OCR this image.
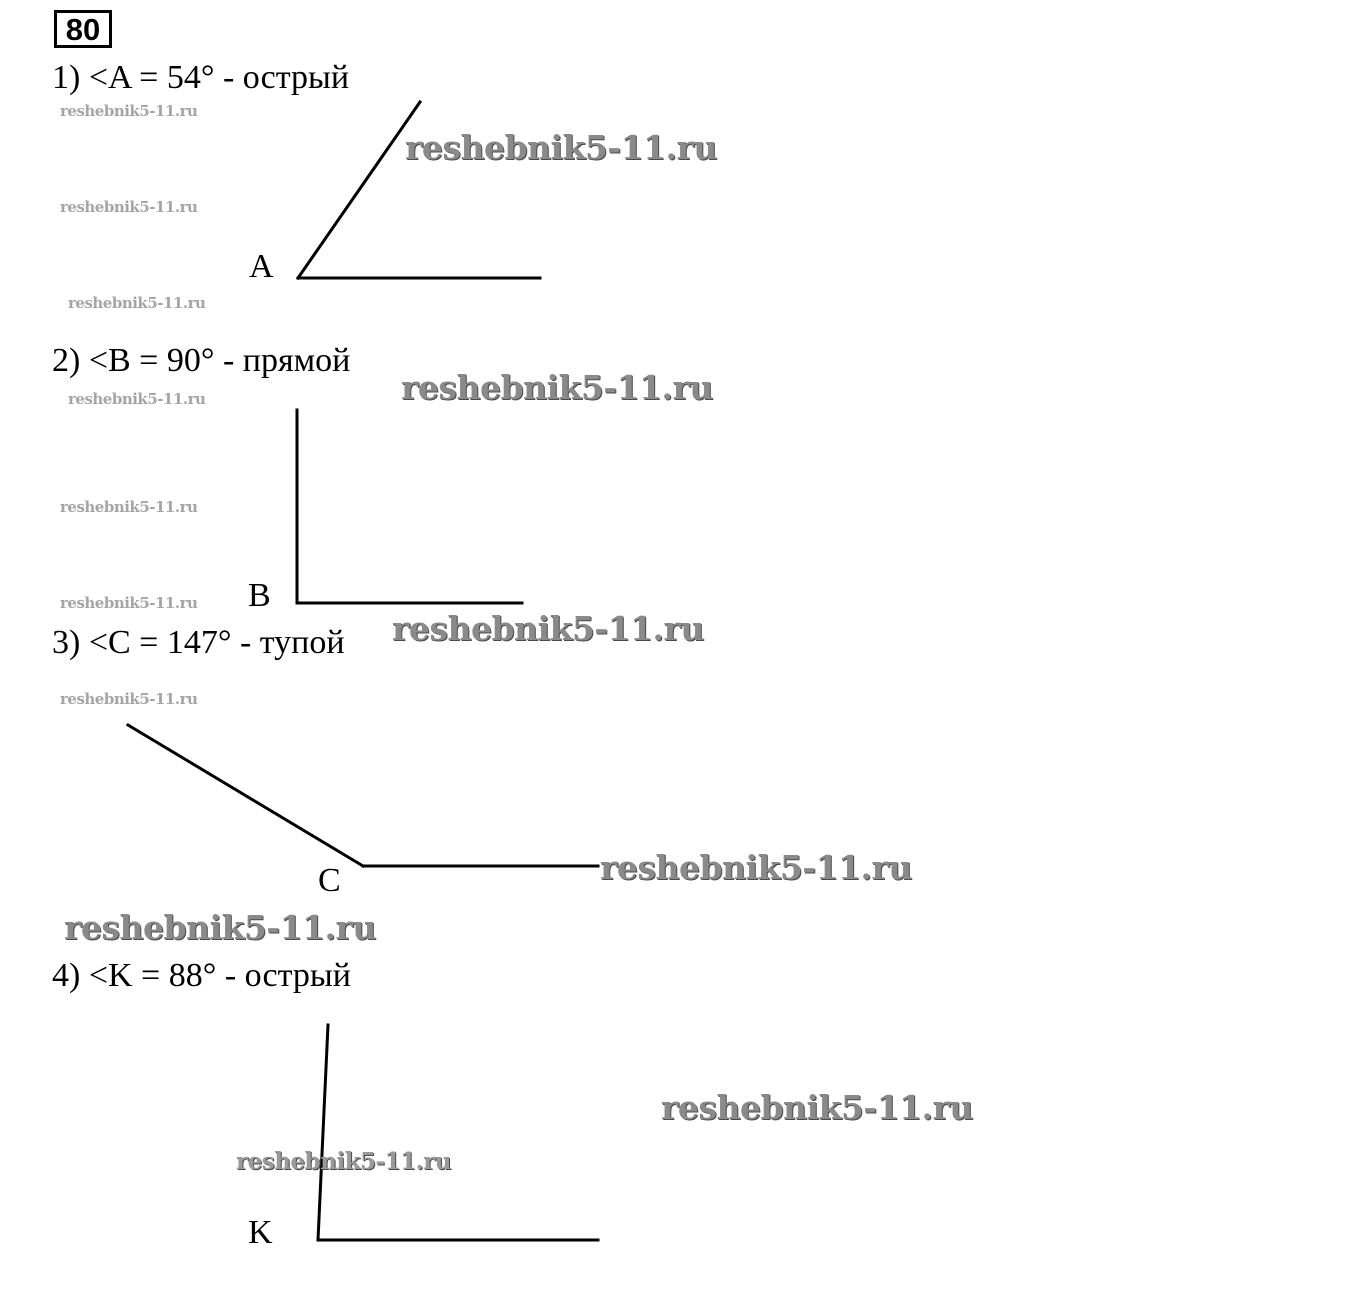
80
1) <A = 54° - острый
2) <B = 90° - прямой
3) <C = 147° - тупой
4) <K = 88° - острый
A
B
C
K
reshebnik5-11.ru
reshebnik5-11.ru
reshebnik5-11.ru
reshebnik5-11.ru
reshebnik5-11.ru
reshebnik5-11.ru
reshebnik5-11.ru
reshebnik5-11.ru
reshebnik5-11.ru
reshebnik5-11.ru
reshebnik5-11.ru
reshebnik5-11.ru
reshebnik5-11.ru
reshebnik5-11.ru
